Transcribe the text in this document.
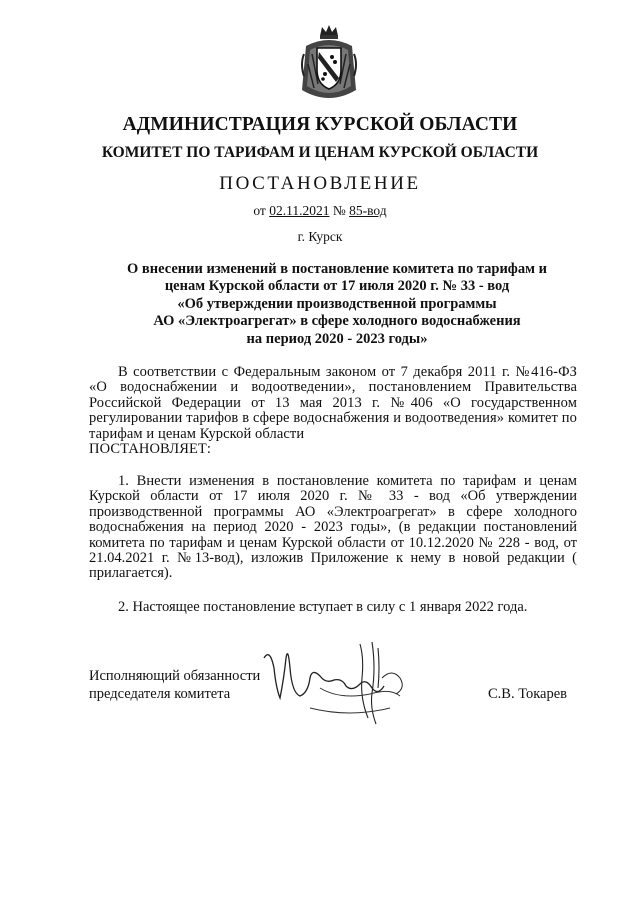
АДМИНИСТРАЦИЯ КУРСКОЙ ОБЛАСТИ
КОМИТЕТ ПО ТАРИФАМ И ЦЕНАМ КУРСКОЙ ОБЛАСТИ
ПОСТАНОВЛЕНИЕ
от 02.11.2021 № 85-вод
г. Курск
О внесении изменений в постановление комитета по тарифам и
ценам Курской области от 17 июля 2020 г. № 33 - вод
«Об утверждении производственной программы
АО «Электроагрегат» в сфере холодного водоснабжения
на период 2020 - 2023 годы»

В соответствии с Федеральным законом от 7 декабря 2011 г. №416-ФЗ «О водоснабжении и водоотведении», постановлением Правительства Российской Федерации от 13 мая 2013 г. №406 «О государственном регулировании тарифов в сфере водоснабжения и водоотведения» комитет по тарифам и ценам Курской области
ПОСТАНОВЛЯЕТ:

1. Внести изменения в постановление комитета по тарифам и ценам Курской области от 17 июля 2020 г. № 33 - вод «Об утверждении производственной программы АО «Электроагрегат» в сфере холодного водоснабжения на период 2020 - 2023 годы», (в редакции постановлений комитета по тарифам и ценам Курской области от 10.12.2020 № 228 - вод, от 21.04.2021 г. №13-вод), изложив Приложение к нему в новой редакции ( прилагается).

2. Настоящее постановление вступает в силу с 1 января 2022 года.

Исполняющий обязанности
председателя комитета	С.В. Токарев
